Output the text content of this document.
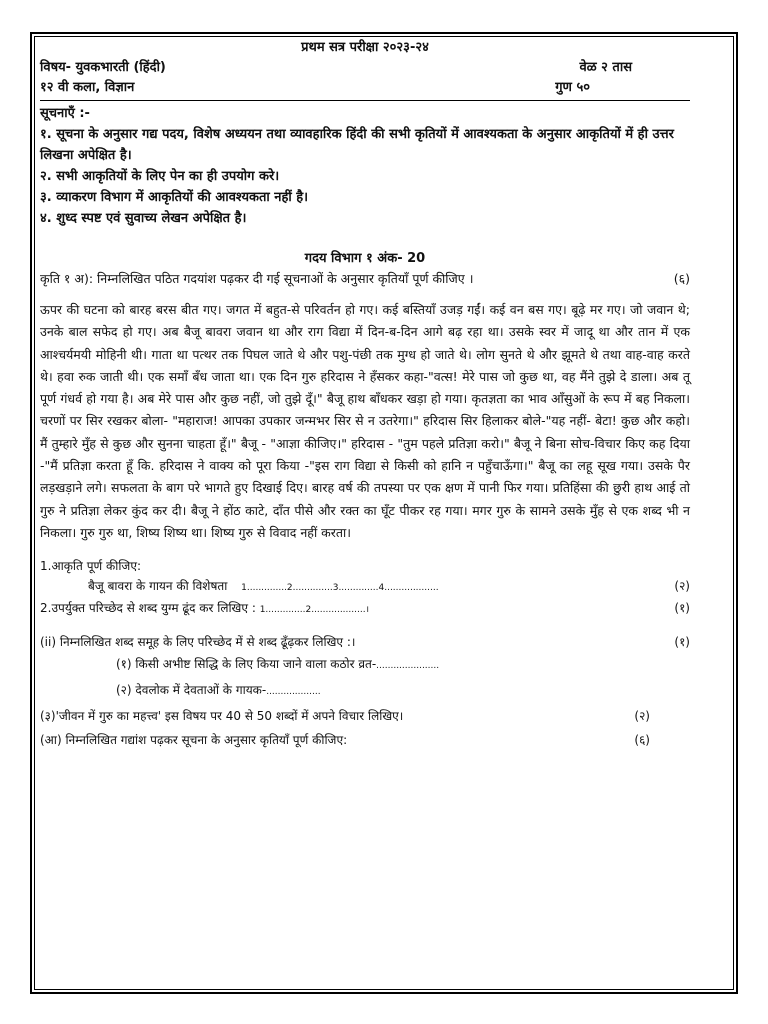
प्रथम सत्र परीक्षा २०२३-२४
विषय- युवकभारती (हिंदी)	वेळ २ तास
१२ वी कला, विज्ञान	गुण ५०
सूचनाएँ :-
१. सूचना के अनुसार गद्य पदय, विशेष अध्ययन तथा व्यावहारिक हिंदी की सभी कृतियों में आवश्यकता के अनुसार आकृतियों में ही उत्तर लिखना अपेक्षित है।
२. सभी आकृतियों के लिए पेन का ही उपयोग करे।
३. व्याकरण विभाग में आकृतियों की आवश्यकता नहीं है।
४. शुध्द स्पष्ट एवं सुवाच्य लेखन अपेक्षित है।
गदय विभाग १ अंक- 20
कृति १ अ): निम्नलिखित पठित गदयांश पढ़कर दी गई सूचनाओं के अनुसार कृतियाँ पूर्ण कीजिए ।	(६)
ऊपर की घटना को बारह बरस बीत गए। जगत में बहुत-से परिवर्तन हो गए। कई बस्तियाँ उजड़ गईं। कई वन बस गए। बूढ़े मर गए। जो जवान थे; उनके बाल सफेद हो गए। अब बैजू बावरा जवान था और राग विद्या में दिन-ब-दिन आगे बढ़ रहा था। उसके स्वर में जादू था और तान में एक आश्चर्यमयी मोहिनी थी। गाता था पत्थर तक पिघल जाते थे और पशु-पंछी तक मुग्ध हो जाते थे। लोग सुनते थे और झूमते थे तथा वाह-वाह करते थे। हवा रुक जाती थी। एक समाँ बँध जाता था। एक दिन गुरु हरिदास ने हँसकर कहा-"वत्स! मेरे पास जो कुछ था, वह मैंने तुझे दे डाला। अब तू पूर्ण गंधर्व हो गया है। अब मेरे पास और कुछ नहीं, जो तुझे दूँ।" बैजू हाथ बाँधकर खड़ा हो गया। कृतज्ञता का भाव आँसुओं के रूप में बह निकला। चरणों पर सिर रखकर बोला- "महाराज! आपका उपकार जन्मभर सिर से न उतरेगा।" हरिदास सिर हिलाकर बोले-"यह नहीं- बेटा! कुछ और कहो। मैं तुम्हारे मुँह से कुछ और सुनना चाहता हूँ।" बैजू - "आज्ञा कीजिए।" हरिदास - "तुम पहले प्रतिज्ञा करो।" बैजू ने बिना सोच-विचार किए कह दिया -"मैं प्रतिज्ञा करता हूँ कि. हरिदास ने वाक्य को पूरा किया -"इस राग विद्या से किसी को हानि न पहुँचाऊँगा।" बैजू का लहू सूख गया। उसके पैर लड़खड़ाने लगे। सफलता के बाग परे भागते हुए दिखाई दिए। बारह वर्ष की तपस्या पर एक क्षण में पानी फिर गया। प्रतिहिंसा की छुरी हाथ आई तो गुरु ने प्रतिज्ञा लेकर कुंद कर दी। बैजू ने होंठ काटे, दाँत पीसे और रक्त का घूँट पीकर रह गया। मगर गुरु के सामने उसके मुँह से एक शब्द भी न निकला। गुरु गुरु था, शिष्य शिष्य था। शिष्य गुरु से विवाद नहीं करता।
1.आकृति पूर्ण कीजिए:
बैजू बावरा के गायन की विशेषता 1..............2..............3..............4...................	(२)
2.उपर्युक्त परिच्छेद से शब्द युग्म ढूंद कर लिखिए : 1..............2...................।	(१)
(ii) निम्नलिखित शब्द समूह के लिए परिच्छेद में से शब्द ढूँढ़कर लिखिए :।	(१)
(१) किसी अभीष्ट सिद्धि के लिए किया जाने वाला कठोर व्रत-......................
(२) देवलोक में देवताओं के गायक-...................
(३)'जीवन में गुरु का महत्त्व' इस विषय पर 40 से 50 शब्दों में अपने विचार लिखिए।	(२)
(आ) निम्नलिखित गद्यांश पढ़कर सूचना के अनुसार कृतियाँ पूर्ण कीजिए:	(६)
